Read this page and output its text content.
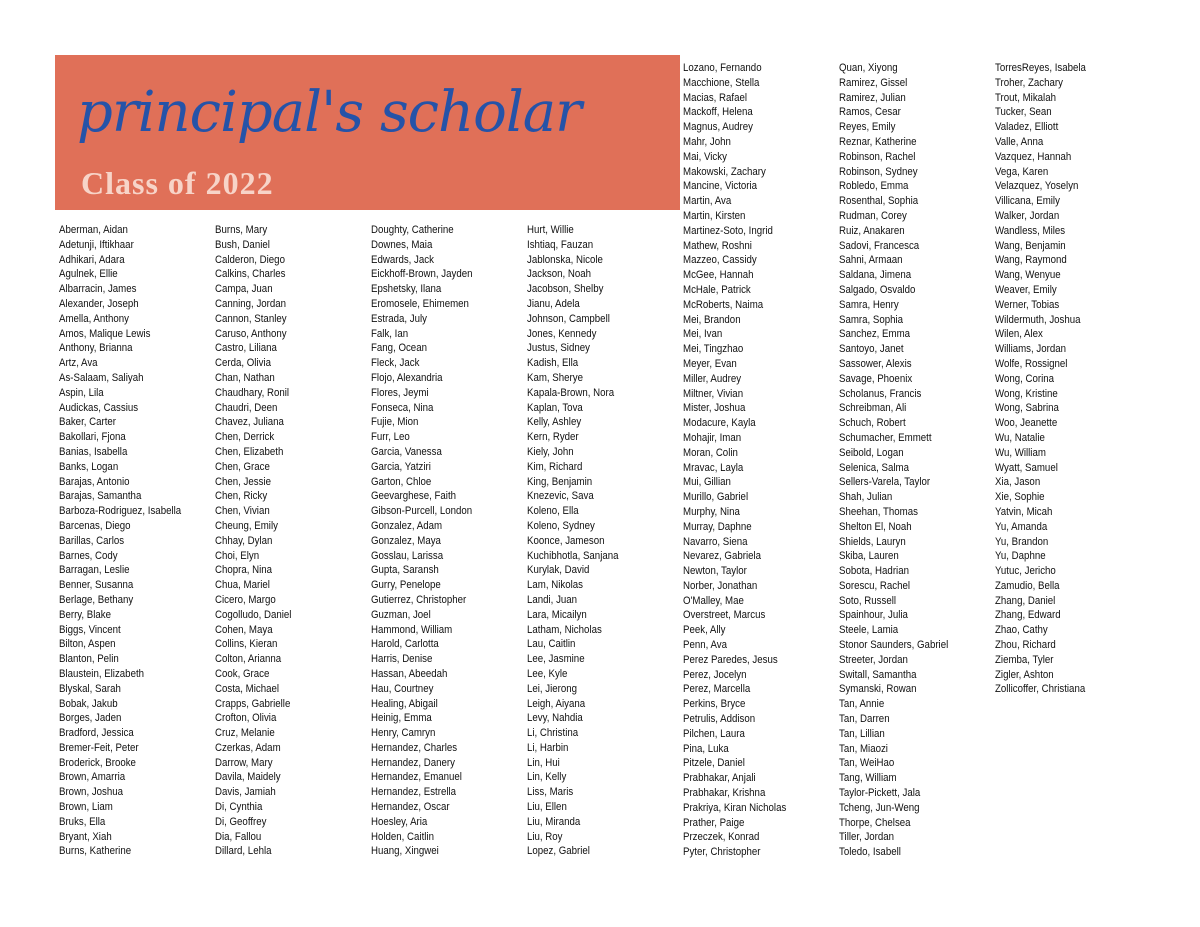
principal's scholar
Class of 2022
Aberman, Aidan
Adetunji, Iftikhaar
Adhikari, Adara
Agulnek, Ellie
Albarracin, James
Alexander, Joseph
Amella, Anthony
Amos, Malique Lewis
Anthony, Brianna
Artz, Ava
As-Salaam, Saliyah
Aspin, Lila
Audickas, Cassius
Baker, Carter
Bakollari, Fjona
Banias, Isabella
Banks, Logan
Barajas, Antonio
Barajas, Samantha
Barboza-Rodriguez, Isabella
Barcenas, Diego
Barillas, Carlos
Barnes, Cody
Barragan, Leslie
Benner, Susanna
Berlage, Bethany
Berry, Blake
Biggs, Vincent
Bilton, Aspen
Blanton, Pelin
Blaustein, Elizabeth
Blyskal, Sarah
Bobak, Jakub
Borges, Jaden
Bradford, Jessica
Bremer-Feit, Peter
Broderick, Brooke
Brown, Amarria
Brown, Joshua
Brown, Liam
Bruks, Ella
Bryant, Xiah
Burns, Katherine
Burns, Mary
Bush, Daniel
Calderon, Diego
Calkins, Charles
Campa, Juan
Canning, Jordan
Cannon, Stanley
Caruso, Anthony
Castro, Liliana
Cerda, Olivia
Chan, Nathan
Chaudhary, Ronil
Chaudri, Deen
Chavez, Juliana
Chen, Derrick
Chen, Elizabeth
Chen, Grace
Chen, Jessie
Chen, Ricky
Chen, Vivian
Cheung, Emily
Chhay, Dylan
Choi, Elyn
Chopra, Nina
Chua, Mariel
Cicero, Margo
Cogolludo, Daniel
Cohen, Maya
Collins, Kieran
Colton, Arianna
Cook, Grace
Costa, Michael
Crapps, Gabrielle
Crofton, Olivia
Cruz, Melanie
Czerkas, Adam
Darrow, Mary
Davila, Maidely
Davis, Jamiah
Di, Cynthia
Di, Geoffrey
Dia, Fallou
Dillard, Lehla
Doughty, Catherine
Downes, Maia
Edwards, Jack
Eickhoff-Brown, Jayden
Epshetsky, Ilana
Eromosele, Ehimemen
Estrada, July
Falk, Ian
Fang, Ocean
Fleck, Jack
Flojo, Alexandria
Flores, Jeymi
Fonseca, Nina
Fujie, Mion
Furr, Leo
Garcia, Vanessa
Garcia, Yatziri
Garton, Chloe
Geevarghese, Faith
Gibson-Purcell, London
Gonzalez, Adam
Gonzalez, Maya
Gosslau, Larissa
Gupta, Saransh
Gurry, Penelope
Gutierrez, Christopher
Guzman, Joel
Hammond, William
Harold, Carlotta
Harris, Denise
Hassan, Abeedah
Hau, Courtney
Healing, Abigail
Heinig, Emma
Henry, Camryn
Hernandez, Charles
Hernandez, Danery
Hernandez, Emanuel
Hernandez, Estrella
Hernandez, Oscar
Hoesley, Aria
Holden, Caitlin
Huang, Xingwei
Hurt, Willie
Ishtiaq, Fauzan
Jablonska, Nicole
Jackson, Noah
Jacobson, Shelby
Jianu, Adela
Johnson, Campbell
Jones, Kennedy
Justus, Sidney
Kadish, Ella
Kam, Sherye
Kapala-Brown, Nora
Kaplan, Tova
Kelly, Ashley
Kern, Ryder
Kiely, John
Kim, Richard
King, Benjamin
Knezevic, Sava
Koleno, Ella
Koleno, Sydney
Koonce, Jameson
Kuchibhotla, Sanjana
Kurylak, David
Lam, Nikolas
Landi, Juan
Lara, Micailyn
Latham, Nicholas
Lau, Caitlin
Lee, Jasmine
Lee, Kyle
Lei, Jierong
Leigh, Aiyana
Levy, Nahdia
Li, Christina
Li, Harbin
Lin, Hui
Lin, Kelly
Liss, Maris
Liu, Ellen
Liu, Miranda
Liu, Roy
Lopez, Gabriel
Lozano, Fernando
Macchione, Stella
Macias, Rafael
Mackoff, Helena
Magnus, Audrey
Mahr, John
Mai, Vicky
Makowski, Zachary
Mancine, Victoria
Martin, Ava
Martin, Kirsten
Martinez-Soto, Ingrid
Mathew, Roshni
Mazzeo, Cassidy
McGee, Hannah
McHale, Patrick
McRoberts, Naima
Mei, Brandon
Mei, Ivan
Mei, Tingzhao
Meyer, Evan
Miller, Audrey
Miltner, Vivian
Mister, Joshua
Modacure, Kayla
Mohajir, Iman
Moran, Colin
Mravac, Layla
Mui, Gillian
Murillo, Gabriel
Murphy, Nina
Murray, Daphne
Navarro, Siena
Nevarez, Gabriela
Newton, Taylor
Norber, Jonathan
O'Malley, Mae
Overstreet, Marcus
Peek, Ally
Penn, Ava
Perez Paredes, Jesus
Perez, Jocelyn
Perez, Marcella
Perkins, Bryce
Petrulis, Addison
Pilchen, Laura
Pina, Luka
Pitzele, Daniel
Prabhakar, Anjali
Prabhakar, Krishna
Prakriya, Kiran Nicholas
Prather, Paige
Przeczek, Konrad
Pyter, Christopher
Quan, Xiyong
Ramirez, Gissel
Ramirez, Julian
Ramos, Cesar
Reyes, Emily
Reznar, Katherine
Robinson, Rachel
Robinson, Sydney
Robledo, Emma
Rosenthal, Sophia
Rudman, Corey
Ruiz, Anakaren
Sadovi, Francesca
Sahni, Armaan
Saldana, Jimena
Salgado, Osvaldo
Samra, Henry
Samra, Sophia
Sanchez, Emma
Santoyo, Janet
Sassower, Alexis
Savage, Phoenix
Scholanus, Francis
Schreibman, Ali
Schuch, Robert
Schumacher, Emmett
Seibold, Logan
Selenica, Salma
Sellers-Varela, Taylor
Shah, Julian
Sheehan, Thomas
Shelton El, Noah
Shields, Lauryn
Skiba, Lauren
Sobota, Hadrian
Sorescu, Rachel
Soto, Russell
Spainhour, Julia
Steele, Lamia
Stonor Saunders, Gabriel
Streeter, Jordan
Switall, Samantha
Symanski, Rowan
Tan, Annie
Tan, Darren
Tan, Lillian
Tan, Miaozi
Tan, WeiHao
Tang, William
Taylor-Pickett, Jala
Tcheng, Jun-Weng
Thorpe, Chelsea
Tiller, Jordan
Toledo, Isabell
TorresReyes, Isabela
Troher, Zachary
Trout, Mikalah
Tucker, Sean
Valadez, Elliott
Valle, Anna
Vazquez, Hannah
Vega, Karen
Velazquez, Yoselyn
Villicana, Emily
Walker, Jordan
Wandless, Miles
Wang, Benjamin
Wang, Raymond
Wang, Wenyue
Weaver, Emily
Werner, Tobias
Wildermuth, Joshua
Wilen, Alex
Williams, Jordan
Wolfe, Rossignel
Wong, Corina
Wong, Kristine
Wong, Sabrina
Woo, Jeanette
Wu, Natalie
Wu, William
Wyatt, Samuel
Xia, Jason
Xie, Sophie
Yatvin, Micah
Yu, Amanda
Yu, Brandon
Yu, Daphne
Yutuc, Jericho
Zamudio, Bella
Zhang, Daniel
Zhang, Edward
Zhao, Cathy
Zhou, Richard
Ziemba, Tyler
Zigler, Ashton
Zollicoffer, Christiana
